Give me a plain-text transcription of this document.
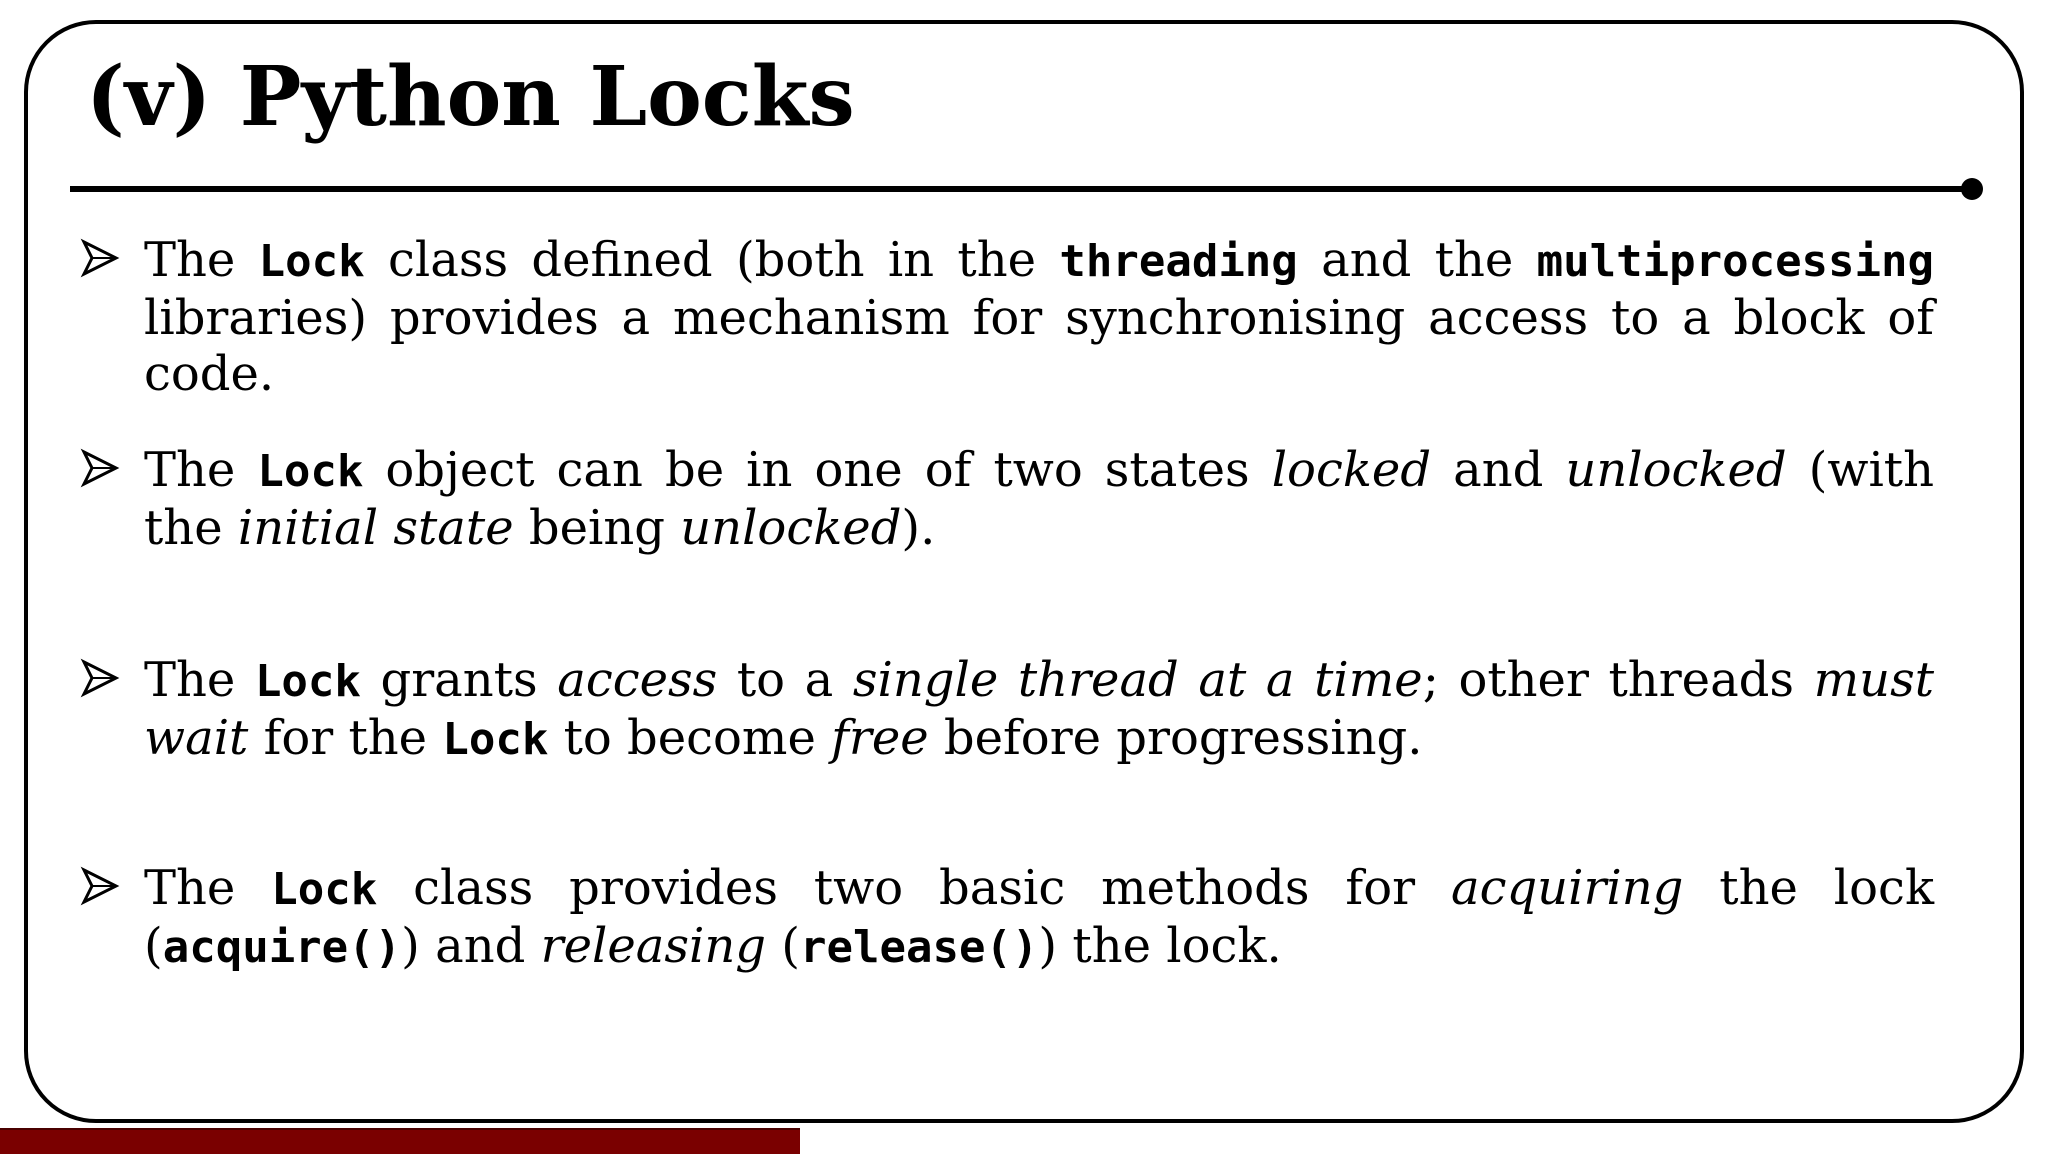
(v) Python Locks
The Lock class defined (both in the threading and the multiprocessing libraries) provides a mechanism for synchronising access to a block of code.
The Lock object can be in one of two states locked and unlocked (with the initial state being unlocked).
The Lock grants access to a single thread at a time; other threads must wait for the Lock to become free before progressing.
The Lock class provides two basic methods for acquiring the lock (acquire()) and releasing (release()) the lock.
